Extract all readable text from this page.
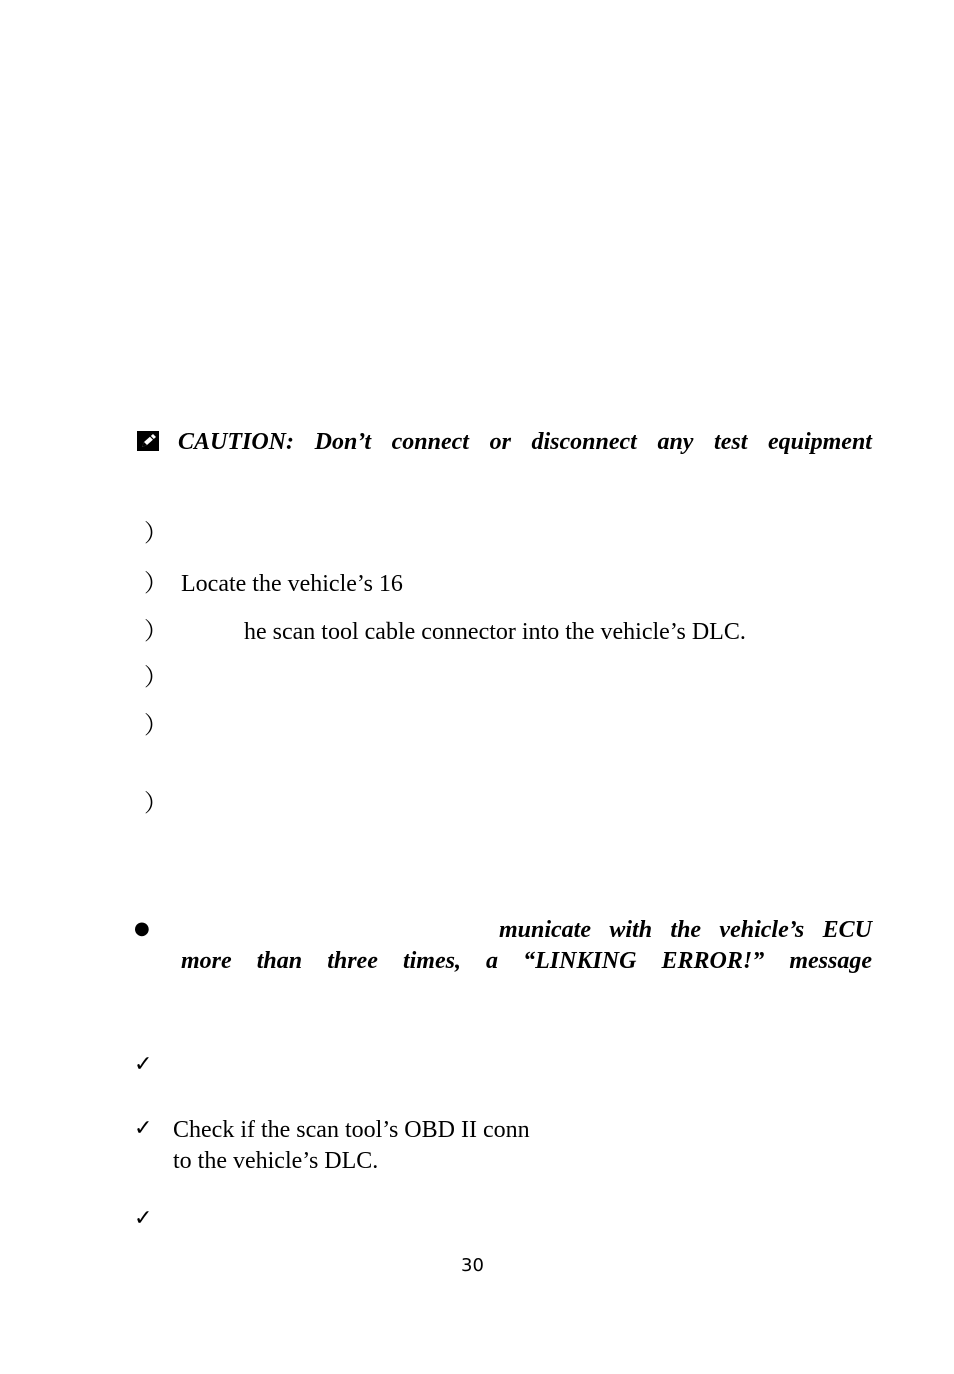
CAUTION: Don’t connect or disconnect any test equipment
）
） Locate the vehicle’s 16
）	he scan tool cable connector into the vehicle’s DLC.
）
）
）
●	municate with the vehicle’s ECU
more than three times, a “LINKING ERROR!” message
✓
✓ Check if the scan tool’s OBD II conn
to the vehicle’s DLC.
✓
30
